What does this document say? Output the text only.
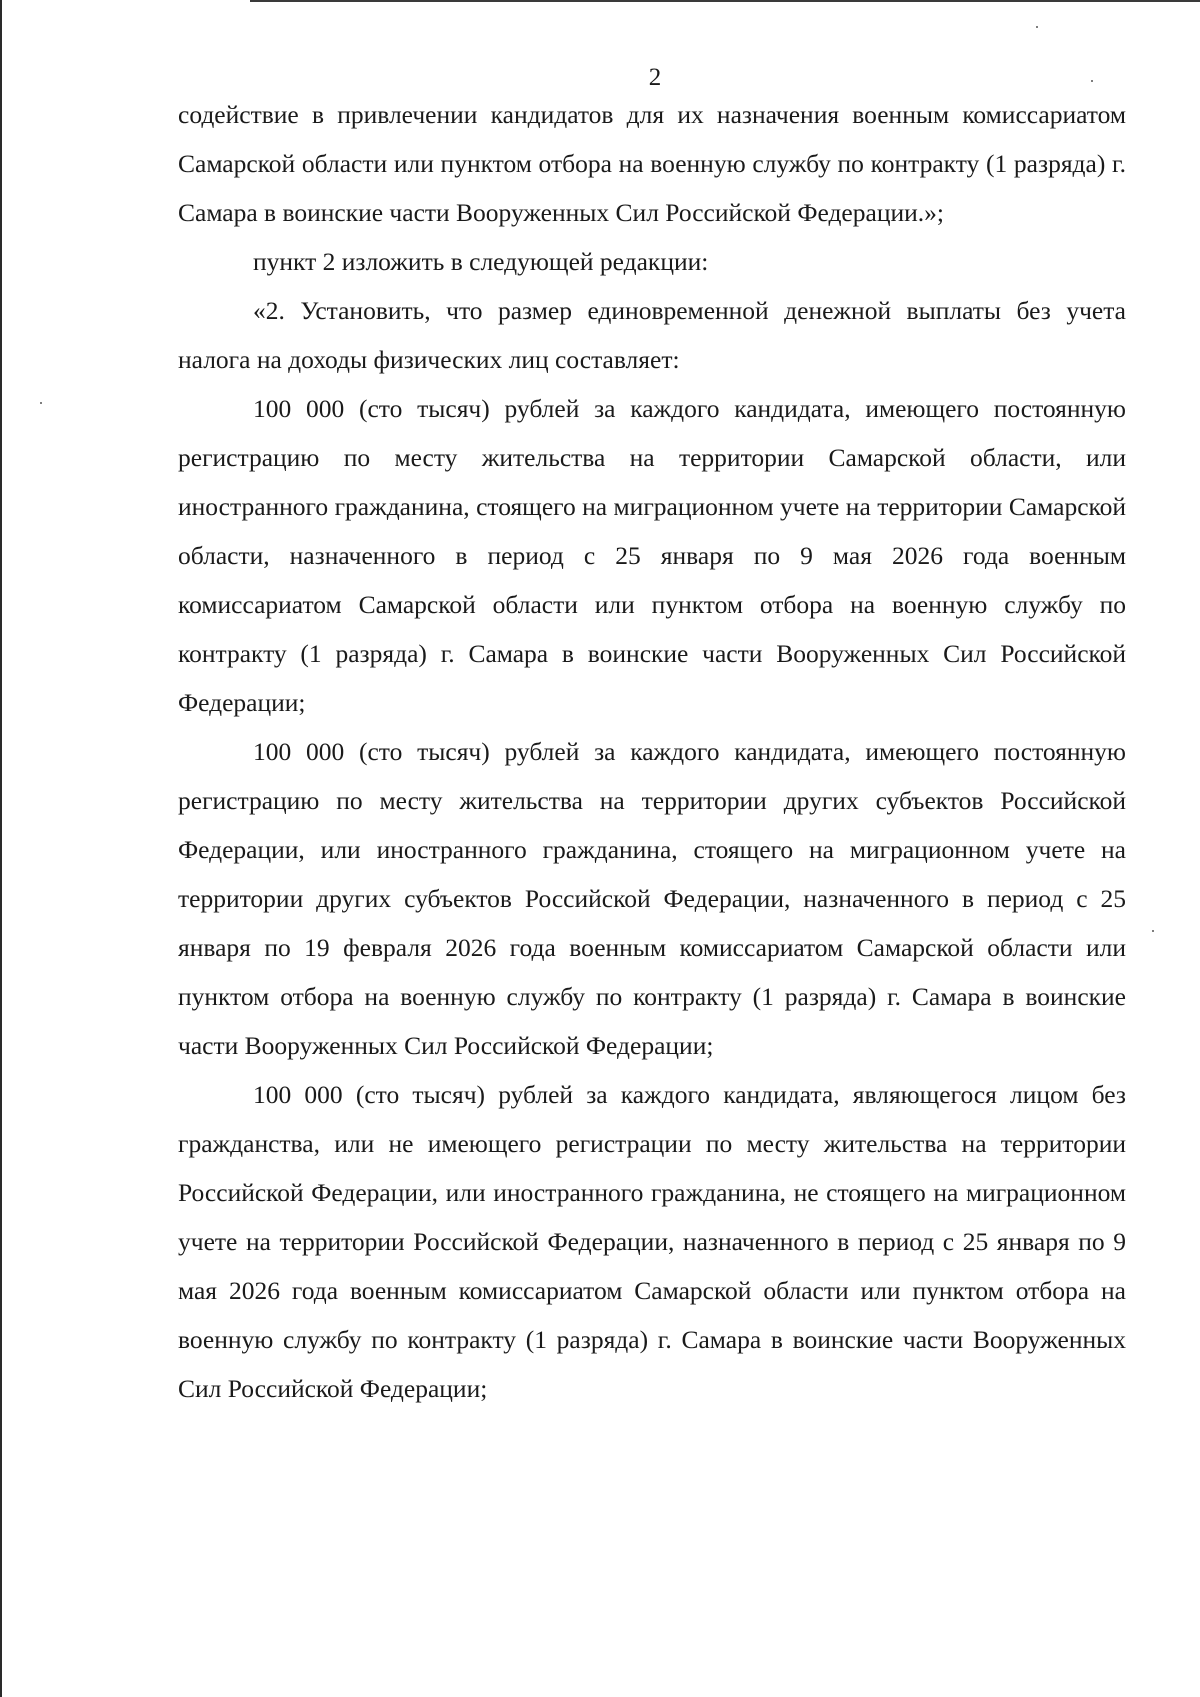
2

содействие в привлечении кандидатов для их назначения военным комиссариатом Самарской области или пунктом отбора на военную службу по контракту (1 разряда) г. Самара в воинские части Вооруженных Сил Российской Федерации.»;

пункт 2 изложить в следующей редакции:

«2. Установить, что размер единовременной денежной выплаты без учета налога на доходы физических лиц составляет:

100 000 (сто тысяч) рублей за каждого кандидата, имеющего постоянную регистрацию по месту жительства на территории Самарской области, или иностранного гражданина, стоящего на миграционном учете на территории Самарской области, назначенного в период с 25 января по 9 мая 2026 года военным комиссариатом Самарской области или пунктом отбора на военную службу по контракту (1 разряда) г. Самара в воинские части Вооруженных Сил Российской Федерации;

100 000 (сто тысяч) рублей за каждого кандидата, имеющего постоянную регистрацию по месту жительства на территории других субъектов Российской Федерации, или иностранного гражданина, стоящего на миграционном учете на территории других субъектов Российской Федерации, назначенного в период с 25 января по 19 февраля 2026 года военным комиссариатом Самарской области или пунктом отбора на военную службу по контракту (1 разряда) г. Самара в воинские части Вооруженных Сил Российской Федерации;

100 000 (сто тысяч) рублей за каждого кандидата, являющегося лицом без гражданства, или не имеющего регистрации по месту жительства на территории Российской Федерации, или иностранного гражданина, не стоящего на миграционном учете на территории Российской Федерации, назначенного в период с 25 января по 9 мая 2026 года военным комиссариатом Самарской области или пунктом отбора на военную службу по контракту (1 разряда) г. Самара в воинские части Вооруженных Сил Российской Федерации;
